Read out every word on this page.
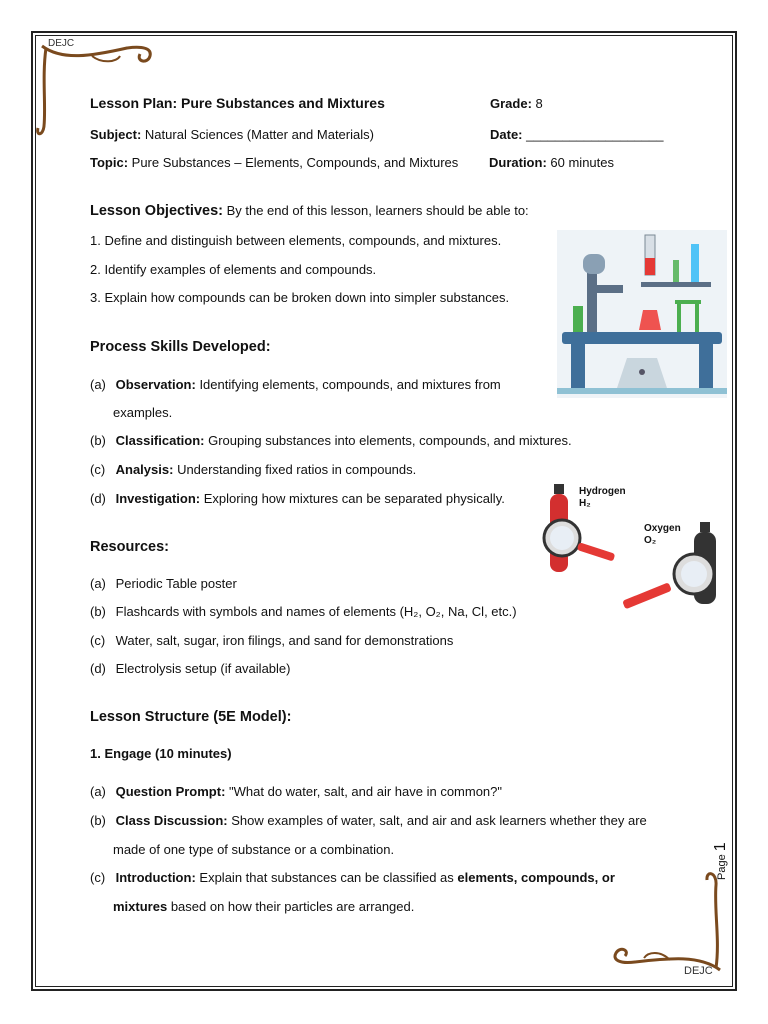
DEJC
DEJC
Page 1
Lesson Plan: Pure Substances and Mixtures	Grade: 8
Subject: Natural Sciences (Matter and Materials)	Date: ___________________
Topic: Pure Substances – Elements, Compounds, and Mixtures Duration: 60 minutes
Lesson Objectives: By the end of this lesson, learners should be able to:
1. Define and distinguish between elements, compounds, and mixtures.
2. Identify examples of elements and compounds.
3. Explain how compounds can be broken down into simpler substances.
Process Skills Developed:
(a) Observation: Identifying elements, compounds, and mixtures from
examples.
(b) Classification: Grouping substances into elements, compounds, and mixtures.
(c) Analysis: Understanding fixed ratios in compounds.
(d) Investigation: Exploring how mixtures can be separated physically.	Hydrogen
H₂
Oxygen
O₂
Resources:
(a) Periodic Table poster
(b) Flashcards with symbols and names of elements (H₂, O₂, Na, Cl, etc.)
(c) Water, salt, sugar, iron filings, and sand for demonstrations
(d) Electrolysis setup (if available)
Lesson Structure (5E Model):
1. Engage (10 minutes)
(a) Question Prompt: "What do water, salt, and air have in common?"
(b) Class Discussion: Show examples of water, salt, and air and ask learners whether they are
made of one type of substance or a combination.
(c) Introduction: Explain that substances can be classified as elements, compounds, or
mixtures based on how their particles are arranged.
